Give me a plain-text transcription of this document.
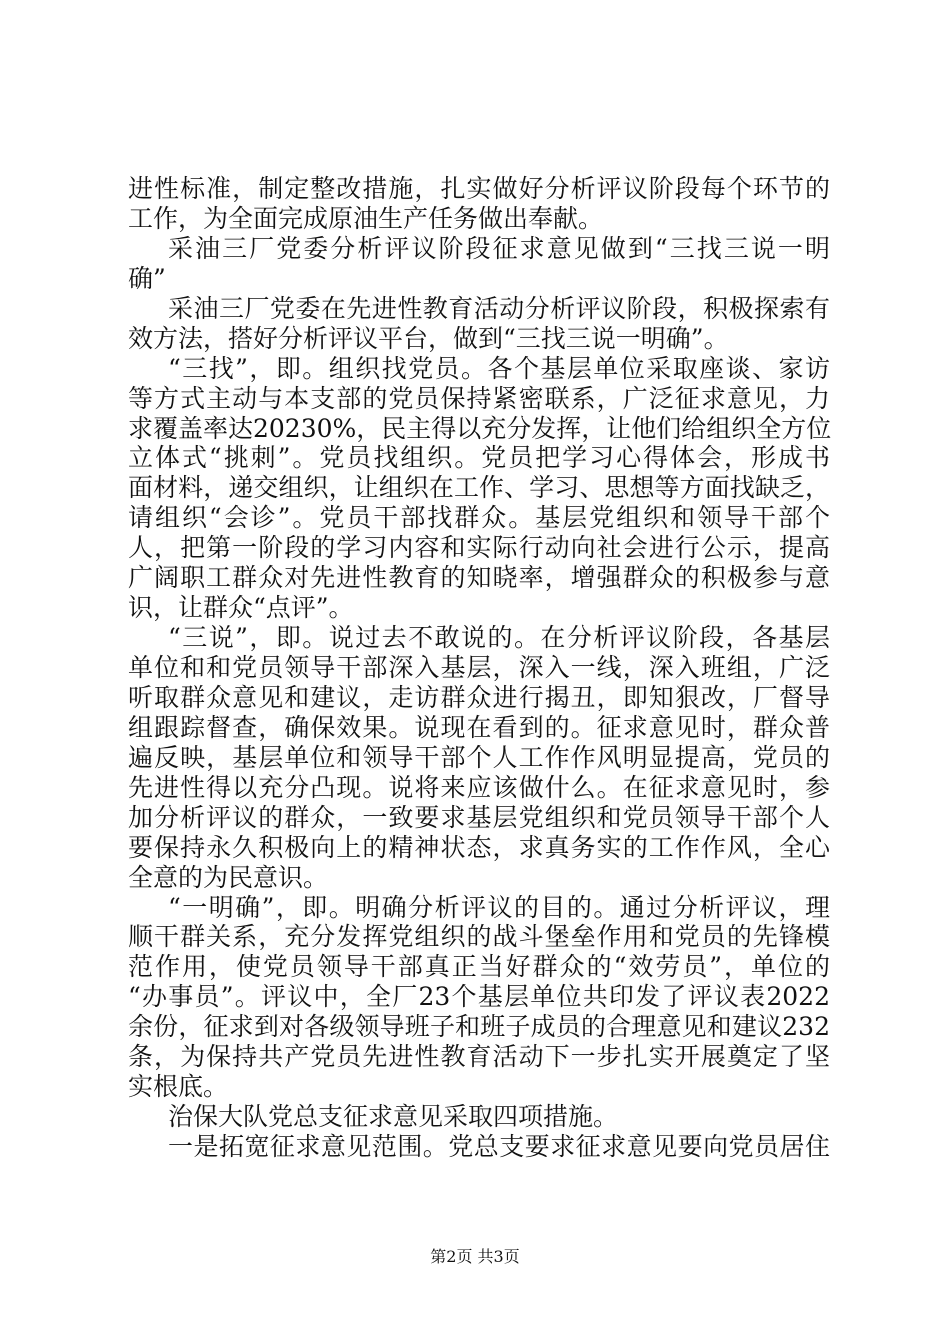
进性标准，制定整改措施，扎实做好分析评议阶段每个环节的
工作，为全面完成原油生产任务做出奉献。
采油三厂党委分析评议阶段征求意见做到“三找三说一明
确”
采油三厂党委在先进性教育活动分析评议阶段，积极探索有
效方法，搭好分析评议平台，做到“三找三说一明确”。
“三找”，即。组织找党员。各个基层单位采取座谈、家访
等方式主动与本支部的党员保持紧密联系，广泛征求意见，力
求覆盖率达20230%，民主得以充分发挥，让他们给组织全方位
立体式“挑刺”。党员找组织。党员把学习心得体会，形成书
面材料，递交组织，让组织在工作、学习、思想等方面找缺乏，
请组织“会诊”。党员干部找群众。基层党组织和领导干部个
人，把第一阶段的学习内容和实际行动向社会进行公示，提高
广阔职工群众对先进性教育的知晓率，增强群众的积极参与意
识，让群众“点评”。
“三说”，即。说过去不敢说的。在分析评议阶段，各基层
单位和和党员领导干部深入基层，深入一线，深入班组，广泛
听取群众意见和建议，走访群众进行揭丑，即知狠改，厂督导
组跟踪督查，确保效果。说现在看到的。征求意见时，群众普
遍反映，基层单位和领导干部个人工作作风明显提高，党员的
先进性得以充分凸现。说将来应该做什么。在征求意见时，参
加分析评议的群众，一致要求基层党组织和党员领导干部个人
要保持永久积极向上的精神状态，求真务实的工作作风，全心
全意的为民意识。
“一明确”，即。明确分析评议的目的。通过分析评议，理
顺干群关系，充分发挥党组织的战斗堡垒作用和党员的先锋模
范作用，使党员领导干部真正当好群众的“效劳员”，单位的
“办事员”。评议中，全厂23个基层单位共印发了评议表2022
余份，征求到对各级领导班子和班子成员的合理意见和建议232
条，为保持共产党员先进性教育活动下一步扎实开展奠定了坚
实根底。
治保大队党总支征求意见采取四项措施。
一是拓宽征求意见范围。党总支要求征求意见要向党员居住
第2页 共3页
